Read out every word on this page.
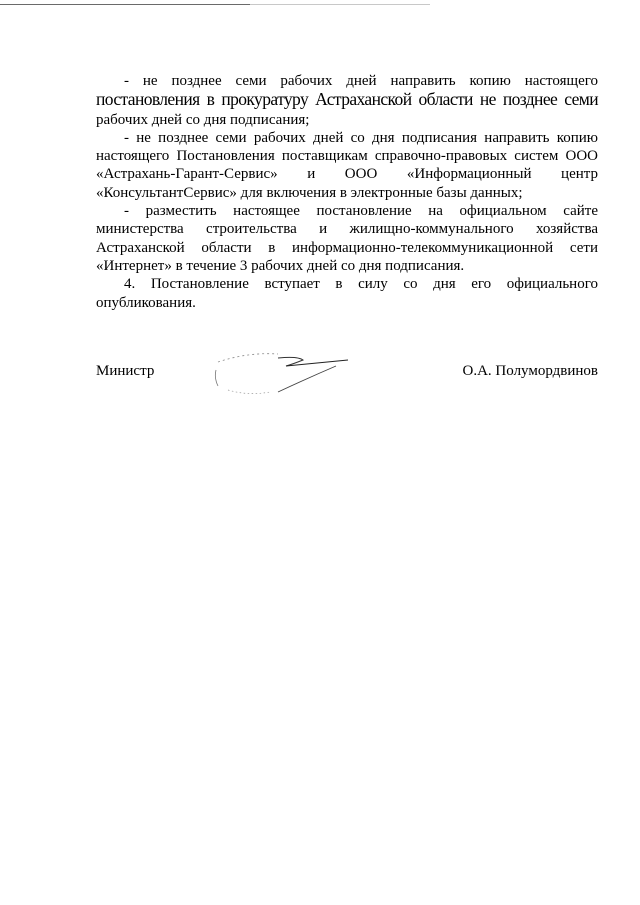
- не позднее семи рабочих дней направить копию настоящего постановления в прокуратуру Астраханской области не позднее семи рабочих дней со дня подписания;

- не позднее семи рабочих дней со дня подписания направить копию настоящего Постановления поставщикам справочно-правовых систем ООО «Астрахань-Гарант-Сервис» и ООО «Информационный центр «КонсультантСервис» для включения в электронные базы данных;

- разместить настоящее постановление на официальном сайте министерства строительства и жилищно-коммунального хозяйства Астраханской области в информационно-телекоммуникационной сети «Интернет» в течение 3 рабочих дней со дня подписания.

4. Постановление вступает в силу со дня его официального опубликования.

Министр	О.А. Полумордвинов
